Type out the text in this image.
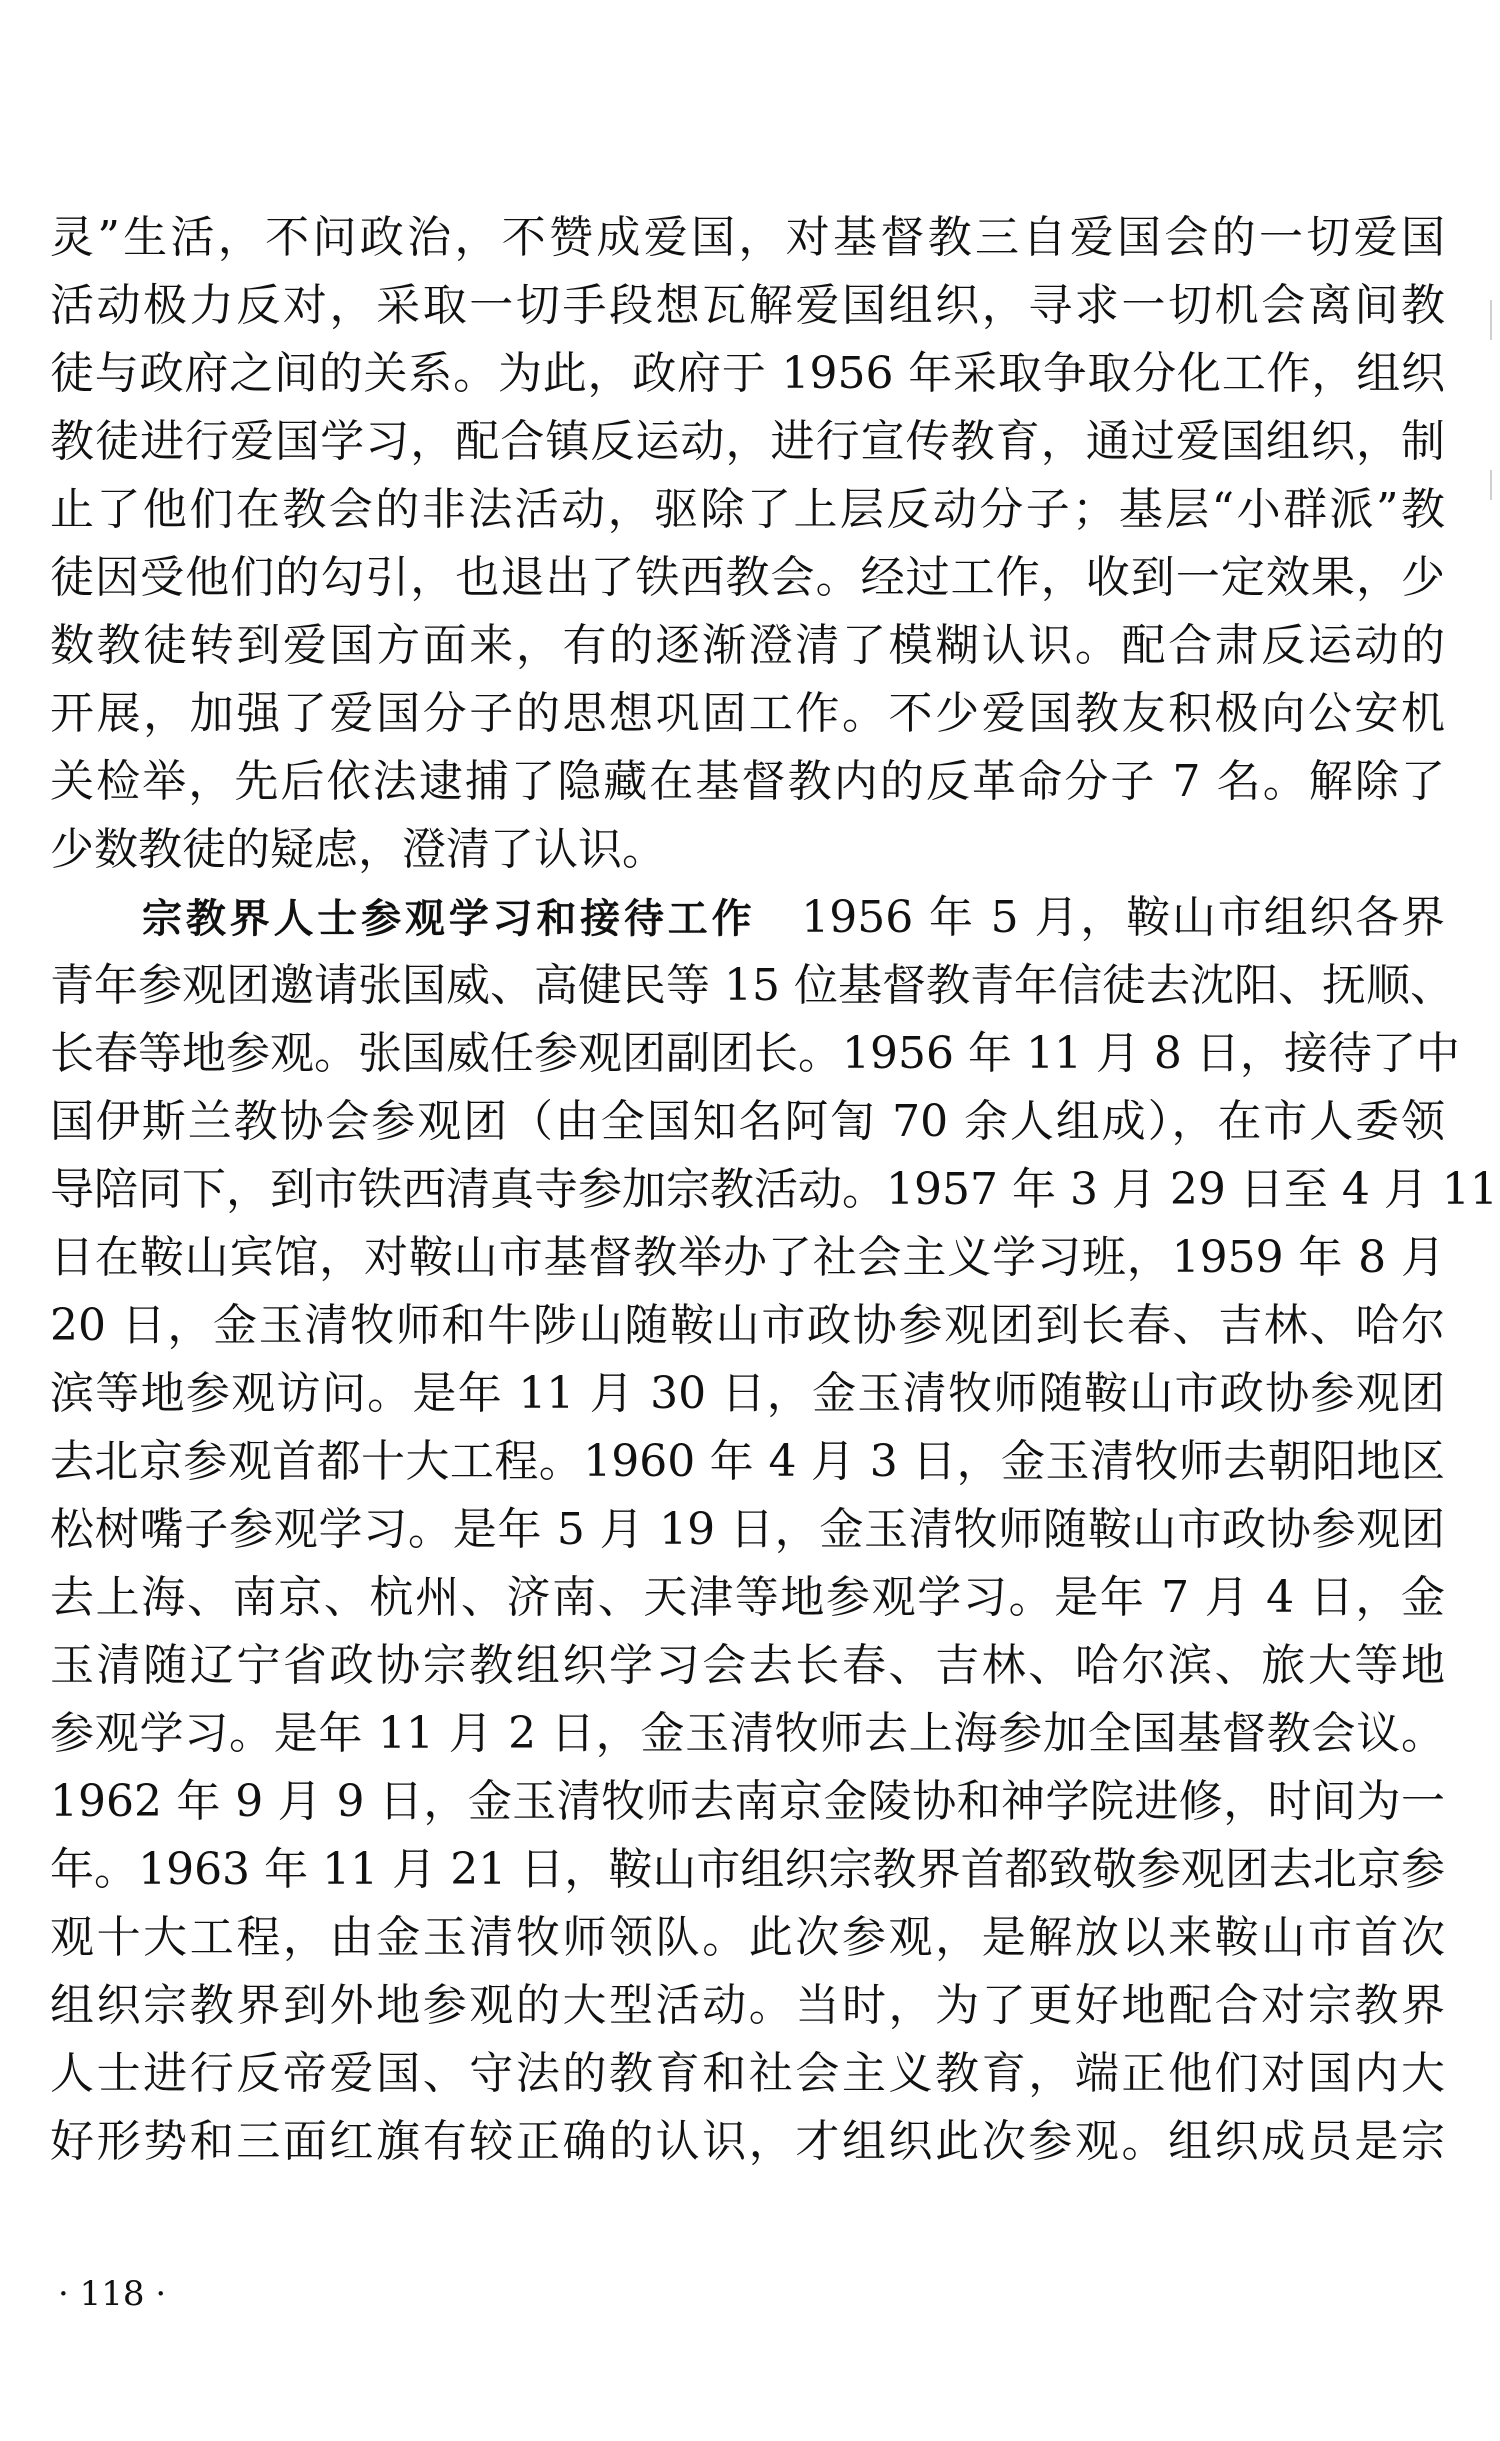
灵”生活，不问政治，不赞成爱国，对基督教三自爱国会的一切爱国
活动极力反对，采取一切手段想瓦解爱国组织，寻求一切机会离间教
徒与政府之间的关系。为此，政府于 1956 年采取争取分化工作，组织
教徒进行爱国学习，配合镇反运动，进行宣传教育，通过爱国组织，制
止了他们在教会的非法活动，驱除了上层反动分子；基层“小群派”教
徒因受他们的勾引，也退出了铁西教会。经过工作，收到一定效果，少
数教徒转到爱国方面来，有的逐渐澄清了模糊认识。配合肃反运动的
开展，加强了爱国分子的思想巩固工作。不少爱国教友积极向公安机
关检举，先后依法逮捕了隐藏在基督教内的反革命分子 7 名。解除了
少数教徒的疑虑，澄清了认识。
宗教界人士参观学习和接待工作　 1956 年 5 月，鞍山市组织各界
青年参观团邀请张国威、高健民等 15 位基督教青年信徒去沈阳、抚顺、
长春等地参观。张国威任参观团副团长。1956 年 11 月 8 日，接待了中
国伊斯兰教协会参观团（由全国知名阿訇 70 余人组成），在市人委领
导陪同下，到市铁西清真寺参加宗教活动。1957 年 3 月 29 日至 4 月 11
日在鞍山宾馆，对鞍山市基督教举办了社会主义学习班，1959 年 8 月
20 日，金玉清牧师和牛陟山随鞍山市政协参观团到长春、吉林、哈尔
滨等地参观访问。是年 11 月 30 日，金玉清牧师随鞍山市政协参观团
去北京参观首都十大工程。1960 年 4 月 3 日，金玉清牧师去朝阳地区
松树嘴子参观学习。是年 5 月 19 日，金玉清牧师随鞍山市政协参观团
去上海、南京、杭州、济南、天津等地参观学习。是年 7 月 4 日，金
玉清随辽宁省政协宗教组织学习会去长春、吉林、哈尔滨、旅大等地
参观学习。是年 11 月 2 日，金玉清牧师去上海参加全国基督教会议。
1962 年 9 月 9 日，金玉清牧师去南京金陵协和神学院进修，时间为一
年。1963 年 11 月 21 日，鞍山市组织宗教界首都致敬参观团去北京参
观十大工程，由金玉清牧师领队。此次参观，是解放以来鞍山市首次
组织宗教界到外地参观的大型活动。当时，为了更好地配合对宗教界
人士进行反帝爱国、守法的教育和社会主义教育，端正他们对国内大
好形势和三面红旗有较正确的认识，才组织此次参观。组织成员是宗
· 118 ·
